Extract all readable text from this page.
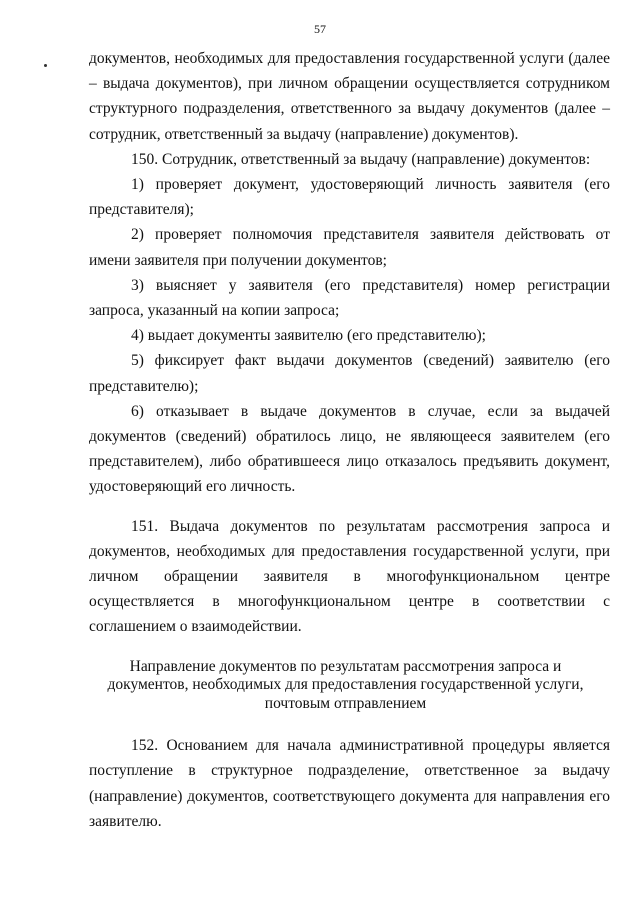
57

документов, необходимых для предоставления государственной услуги (далее – выдача документов), при личном обращении осуществляется сотрудником структурного подразделения, ответственного за выдачу документов (далее – сотрудник, ответственный за выдачу (направление) документов).

150. Сотрудник, ответственный за выдачу (направление) документов:

1) проверяет документ, удостоверяющий личность заявителя (его представителя);

2) проверяет полномочия представителя заявителя действовать от имени заявителя при получении документов;

3) выясняет у заявителя (его представителя) номер регистрации запроса, указанный на копии запроса;

4) выдает документы заявителю (его представителю);

5) фиксирует факт выдачи документов (сведений) заявителю (его представителю);

6) отказывает в выдаче документов в случае, если за выдачей документов (сведений) обратилось лицо, не являющееся заявителем (его представителем), либо обратившееся лицо отказалось предъявить документ, удостоверяющий его личность.

151. Выдача документов по результатам рассмотрения запроса и документов, необходимых для предоставления государственной услуги, при личном обращении заявителя в многофункциональном центре осуществляется в многофункциональном центре в соответствии с соглашением о взаимодействии.

Направление документов по результатам рассмотрения запроса и документов, необходимых для предоставления государственной услуги, почтовым отправлением

152. Основанием для начала административной процедуры является поступление в структурное подразделение, ответственное за выдачу (направление) документов, соответствующего документа для направления его заявителю.
